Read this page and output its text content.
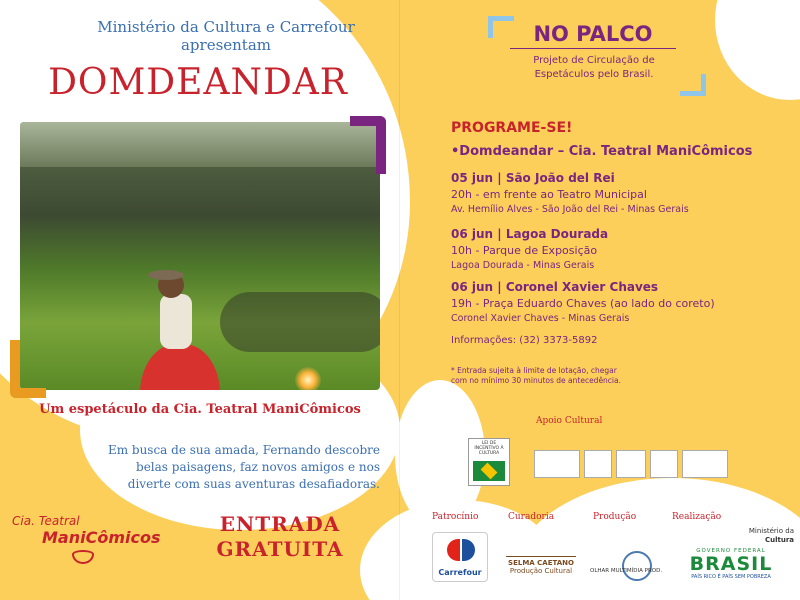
Ministério da Cultura e Carrefour
apresentam
DOMDEANDAR
Um espetáculo da Cia. Teatral ManiCômicos
Em busca de sua amada, Fernando descobre belas paisagens, faz novos amigos e nos diverte com suas aventuras desafiadoras.
Cia. Teatral
ManiCômicos
ENTRADA
GRATUITA
NO PALCO
Projeto de Circulação de
Espetáculos pelo Brasil.
PROGRAME-SE!
•Domdeandar – Cia. Teatral ManiCômicos
05 jun | São João del Rei
20h - em frente ao Teatro Municipal
Av. Hemílio Alves - São João del Rei - Minas Gerais
06 jun | Lagoa Dourada
10h - Parque de Exposição
Lagoa Dourada - Minas Gerais
06 jun | Coronel Xavier Chaves
19h - Praça Eduardo Chaves (ao lado do coreto)
Coronel Xavier Chaves - Minas Gerais
Informações: (32) 3373-5892
* Entrada sujeita à limite de lotação, chegar
com no mínimo 30 minutos de antecedência.
Apoio Cultural
LEI DE INCENTIVO À CULTURA
Patrocínio	Curadoria	Produção	Realização
Carrefour
SELMA CAETANO
Produção Cultural	OLHAR MULTIMÍDIA PROD.
Ministério da
Cultura
GOVERNO FEDERAL
BRASIL
PAÍS RICO É PAÍS SEM POBREZA
